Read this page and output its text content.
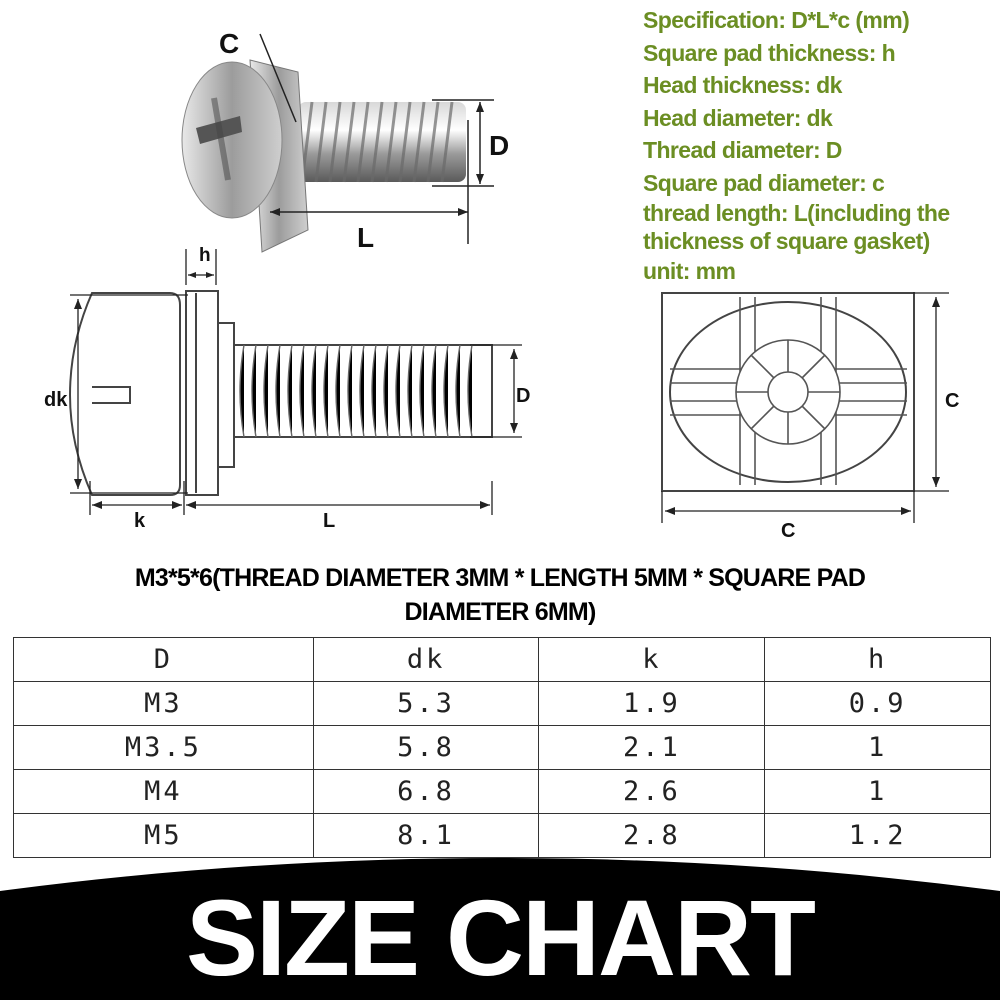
Specification: D*L*c (mm)
Square pad thickness: h
Head thickness: dk
Head diameter: dk
Thread diameter: D
Square pad diameter: c
thread length: L(including the
thickness of square gasket)
unit: mm
C
D
L
h
dk	D
k	L
C
C
M3*5*6(THREAD DIAMETER 3MM * LENGTH 5MM * SQUARE PAD
DIAMETER 6MM)
D	dk	k	h
M3	5.3	1.9	0.9
M3.5	5.8	2.1	1
M4	6.8	2.6	1
M5	8.1	2.8	1.2
SIZE CHART
